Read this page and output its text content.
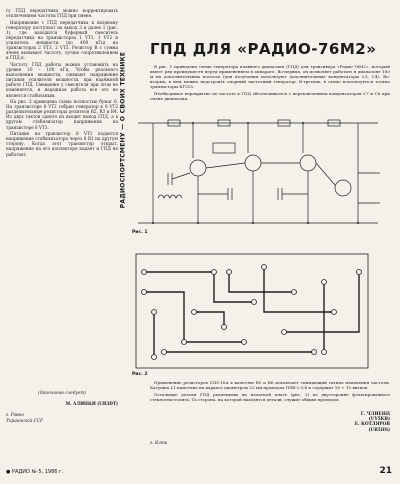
гу ГПД передатчика можно корректировать отключением частоты ГПД при смене.

Напряжение с ГПД передатчика к входному генератору поступает на выход 3 и далее 1 (рис. 1), где находится буферный смеситель передатчика на транзисторах 1 VT1, 1 VT2 и усилитель мощности (до 400 кГц) на транзисторах 2 VT3, 2 VT3. Резистор R с сумма ячеек вызывает частоту, лучше сопротивлением к ГПД к.

Частоту ГПД работы можно установить на уровне 10 – 100 кГц. Чтобы реального выполнения мощности, снимают напряжение питания усилителя мощности, при надёжной работе ГПД. Смещение у смесителя при этом не изменяется, и надежная работа все это не является стабильным.

На рис. 2 приведена схема полностью бумаг 6. На транзисторе 8 VT2 собран генератор к 8 VT2 разделительные резисторы делителя R2, R3 и R4. Из двух тактов одного из входит выход ГПД, а в другом стабилизатор напряжения на транзисторе 8 VT3.

Питание на транзистор 8 VT1 подается напряжение стабилизатора через 8 R1 на другую сторону. Когда этот транзистор открыт, напряжение на его коллекторе падает и ГПД не работает.

(Окончание следует)
М. АЛИНКИ (UR3DT)
г. Ровно
Украинской ССР
РАДИОСПОРТСМЕНУ — О СВОИХ ТЕХНИКЕ
ГПД ДЛЯ «РАДИО-76М2»

В рис. 1 приведена схема генератора плавного диапазона (ГПД) для трансивера «Радио-76М2», который имеет ряд преимуществ перед применением в аппарате. Во-первых, он позволяет работать в диапазоне 160 м на дополнительных полосах (для получения используют дополнительные конденсаторы C3, C4). Во-вторых, в нем можно подстроить опорный частотный генератор. В-третьих, в схеме используются только транзисторы КТ315.

Необходимое перекрытие по частоте в ГПД обеспечивается с переключением конденсаторов С7 и С8 при смене диапазона.

Рис. 1
Рис. 2

Применение резисторов СП5-16А в качестве R5 и R6 исключает снимающий сигнал изменения частоты. Катушка L1 намотана на каркасе диаметром 22 мм проводом ПЭВ-2 0,4 и содержит 18 + 15 витков.

Остальные детали ГПД размещены на печатной плате (рис. 2) из двусторонне фольгированного стеклотекстолита. Та сторона, на которой находятся детали, служит общим проводом.

Г. ЧЛИЕНЦ
(UY5KB)
Е. КОТЛЯРОВ
(UR5HS)
г. Ялта
● РАДИО № 5, 1986 г.	21
